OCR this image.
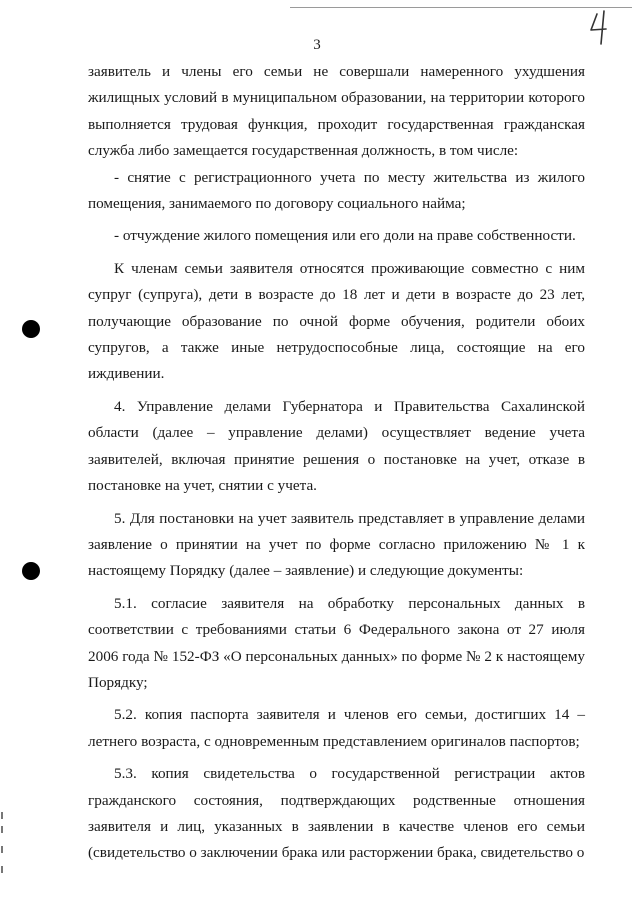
3

заявитель и члены его семьи не совершали намеренного ухудшения жилищных условий в муниципальном образовании, на территории которого выполняется трудовая функция, проходит государственная гражданская служба либо замещается государственная должность, в том числе:

- снятие с регистрационного учета по месту жительства из жилого помещения, занимаемого по договору социального найма;

- отчуждение жилого помещения или его доли на праве собственности.

К членам семьи заявителя относятся проживающие совместно с ним супруг (супруга), дети в возрасте до 18 лет и дети в возрасте до 23 лет, получающие образование по очной форме обучения, родители обоих супругов, а также иные нетрудоспособные лица, состоящие на его иждивении.

4. Управление делами Губернатора и Правительства Сахалинской области (далее – управление делами) осуществляет ведение учета заявителей, включая принятие решения о постановке на учет, отказе в постановке на учет, снятии с учета.

5. Для постановки на учет заявитель представляет в управление делами заявление о принятии на учет по форме согласно приложению № 1 к настоящему Порядку (далее – заявление) и следующие документы:

5.1. согласие заявителя на обработку персональных данных в соответствии с требованиями статьи 6 Федерального закона от 27 июля 2006 года № 152-ФЗ «О персональных данных» по форме № 2 к настоящему Порядку;

5.2. копия паспорта заявителя и членов его семьи, достигших 14 – летнего возраста, с одновременным представлением оригиналов паспортов;

5.3. копия свидетельства о государственной регистрации актов гражданского состояния, подтверждающих родственные отношения заявителя и лиц, указанных в заявлении в качестве членов его семьи (свидетельство о заключении брака или расторжении брака, свидетельство о
